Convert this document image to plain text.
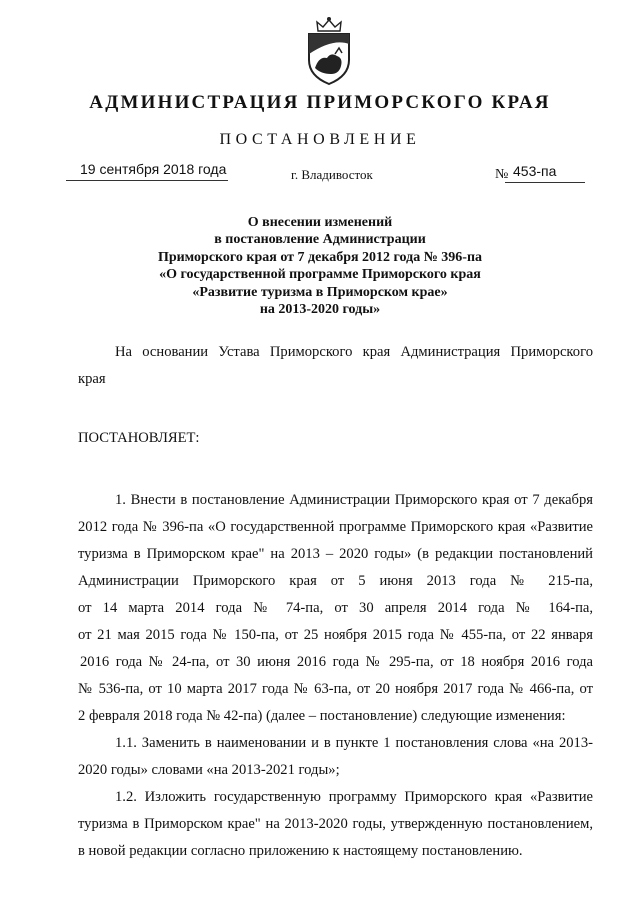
АДМИНИСТРАЦИЯ ПРИМОРСКОГО КРАЯ
ПОСТАНОВЛЕНИЕ
19 сентября 2018 года	г. Владивосток	№ 453-па
О внесении изменений
в постановление Администрации
Приморского края от 7 декабря 2012 года № 396-па
«О государственной программе Приморского края
«Развитие туризма в Приморском крае»
на 2013-2020 годы»
На основании Устава Приморского края Администрация Приморского
края
ПОСТАНОВЛЯЕТ:
1. Внести в постановление Администрации Приморского края от 7 декабря
2012 года № 396-па «О государственной программе Приморского края «Развитие
туризма в Приморском крае" на 2013 – 2020 годы» (в редакции постановлений
Администрации Приморского края от 5 июня 2013 года № 215-па,
от 14 марта 2014 года № 74-па, от 30 апреля 2014 года № 164-па,
от 21 мая 2015 года № 150-па, от 25 ноября 2015 года № 455-па, от 22 января
2016 года № 24-па, от 30 июня 2016 года № 295-па, от 18 ноября 2016 года
№ 536-па, от 10 марта 2017 года № 63-па, от 20 ноября 2017 года № 466-па, от
2 февраля 2018 года № 42-па) (далее – постановление) следующие изменения:
1.1. Заменить в наименовании и в пункте 1 постановления слова «на 2013-
2020 годы» словами «на 2013-2021 годы»;
1.2. Изложить государственную программу Приморского края «Развитие
туризма в Приморском крае" на 2013-2020 годы, утвержденную постановлением,
в новой редакции согласно приложению к настоящему постановлению.
